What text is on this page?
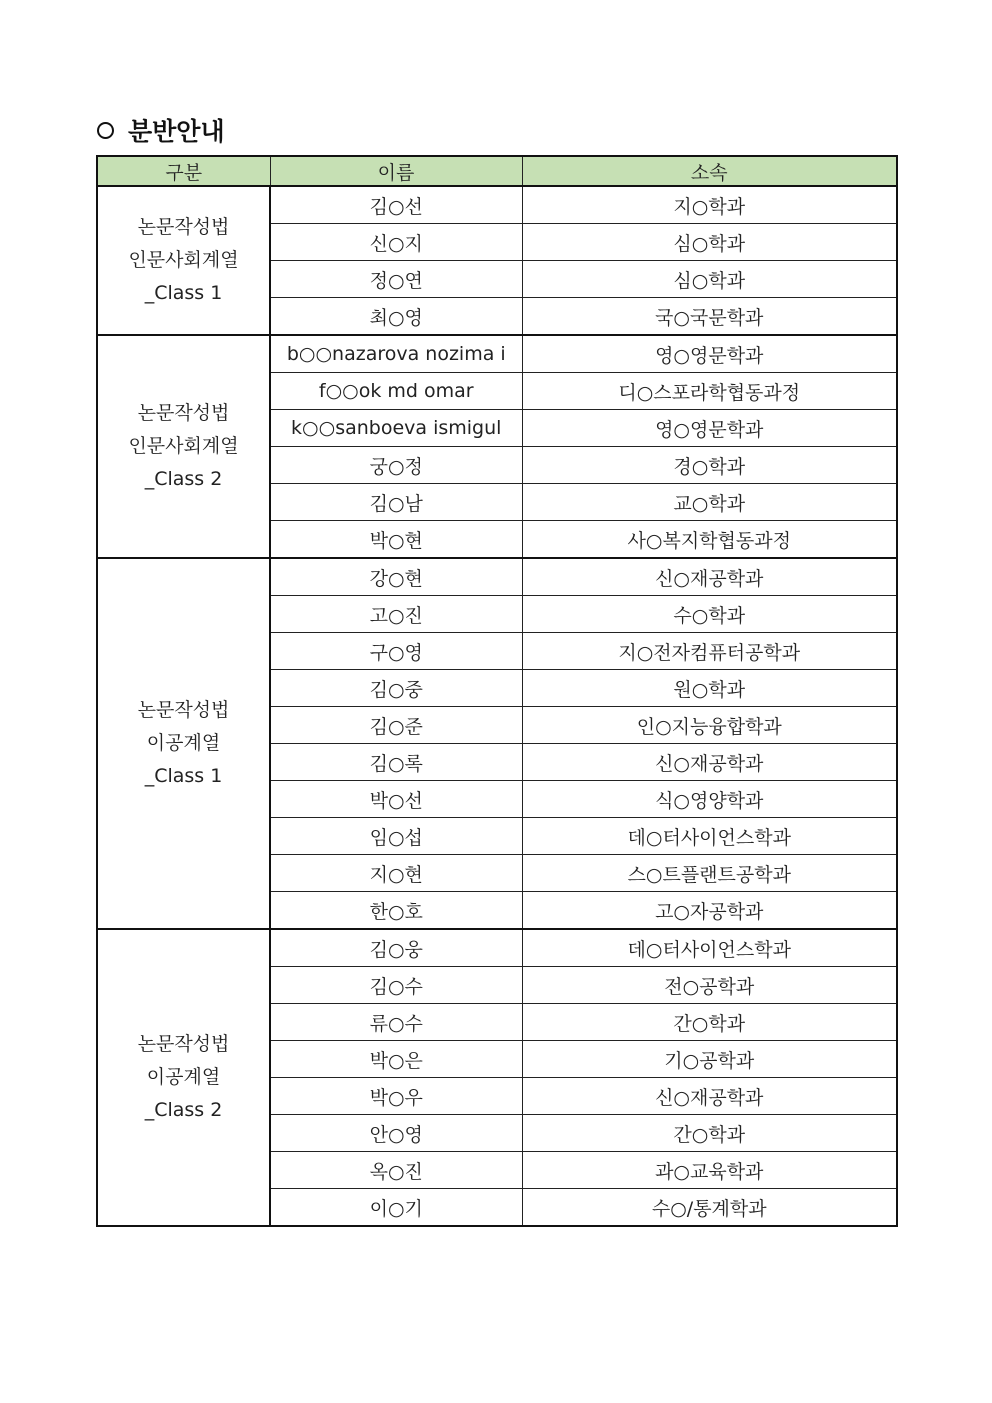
분반안내
구분	이름	소속

논문작성법
인문사회계열
_Class 1	김○선	지○학과
	신○지	심○학과
	정○연	심○학과
	최○영	국○국문학과

논문작성법
인문사회계열
_Class 2	b○○nazarova nozima i	영○영문학과
	f○○ok md omar	디○스포라학협동과정
	k○○sanboeva ismigul	영○영문학과
	궁○정	경○학과
	김○남	교○학과
	박○현	사○복지학협동과정

논문작성법
이공계열
_Class 1	강○현	신○재공학과
	고○진	수○학과
	구○영	지○전자컴퓨터공학과
	김○중	원○학과
	김○준	인○지능융합학과
	김○록	신○재공학과
	박○선	식○영양학과
	임○섭	데○터사이언스학과
	지○현	스○트플랜트공학과
	한○호	고○자공학과

논문작성법
이공계열
_Class 2	김○웅	데○터사이언스학과
	김○수	전○공학과
	류○수	간○학과
	박○은	기○공학과
	박○우	신○재공학과
	안○영	간○학과
	옥○진	과○교육학과
	이○기	수○/통계학과
